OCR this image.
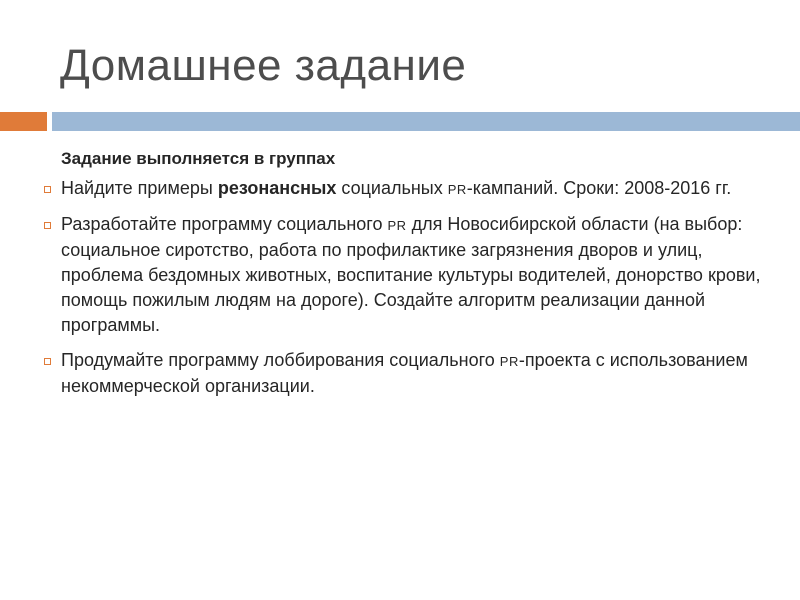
Домашнее задание
Задание выполняется в группах
Найдите примеры резонансных социальных PR-кампаний. Сроки: 2008-2016 гг.
Разработайте программу социального PR для Новосибирской области (на выбор: социальное сиротство, работа по профилактике загрязнения дворов и улиц, проблема бездомных животных, воспитание культуры водителей, донорство крови, помощь пожилым людям на дороге). Создайте алгоритм реализации данной программы.
Продумайте программу лоббирования социального PR-проекта с использованием некоммерческой организации.
